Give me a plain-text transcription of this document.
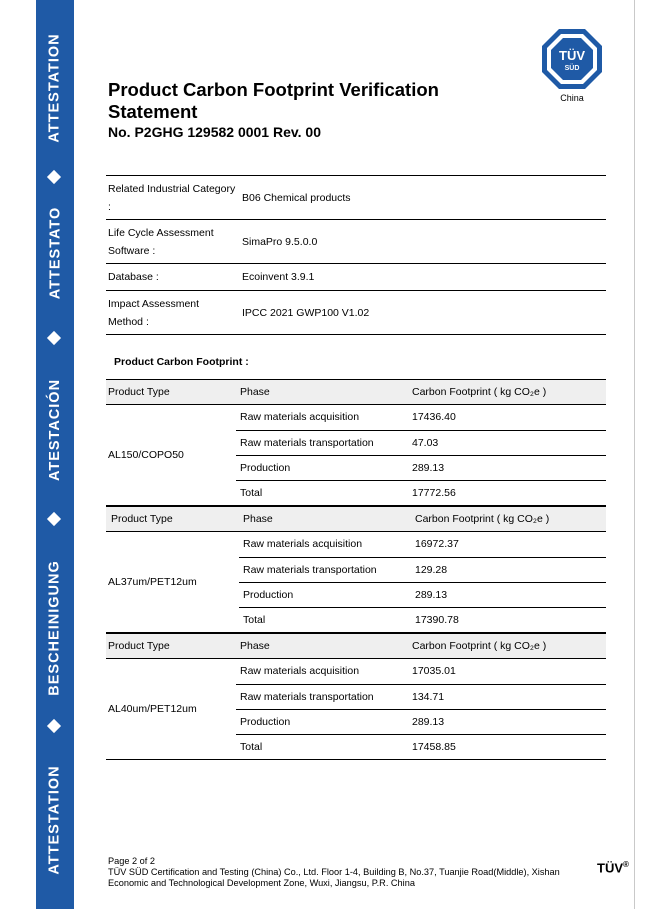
ATTESTATION
ATTESTATO
ATESTACIÓN
BESCHEINIGUNG
ATTESTATION
Product Carbon Footprint Verification
Statement
No. P2GHG 129582 0001 Rev. 00
TÜV
SÜD
China
Related Industrial Category :	B06 Chemical products
Life Cycle Assessment Software :	SimaPro 9.5.0.0
Database :	Ecoinvent 3.9.1
Impact Assessment Method :	IPCC 2021 GWP100 V1.02
Product Carbon Footprint :
Product Type	Phase	Carbon Footprint ( kg CO₂e )
AL150/COPO50	Raw materials acquisition	17436.40
	Raw materials transportation	47.03
	Production	289.13
	Total	17772.56
Product Type	Phase	Carbon Footprint ( kg CO₂e )
AL37um/PET12um	Raw materials acquisition	16972.37
	Raw materials transportation	129.28
	Production	289.13
	Total	17390.78
Product Type	Phase	Carbon Footprint ( kg CO₂e )
AL40um/PET12um	Raw materials acquisition	17035.01
	Raw materials transportation	134.71
	Production	289.13
	Total	17458.85
Page 2 of 2
TÜV SÜD Certification and Testing (China) Co., Ltd. Floor 1-4, Building B, No.37, Tuanjie Road(Middle), Xishan
Economic and Technological Development Zone, Wuxi, Jiangsu, P.R. China
TÜV®
